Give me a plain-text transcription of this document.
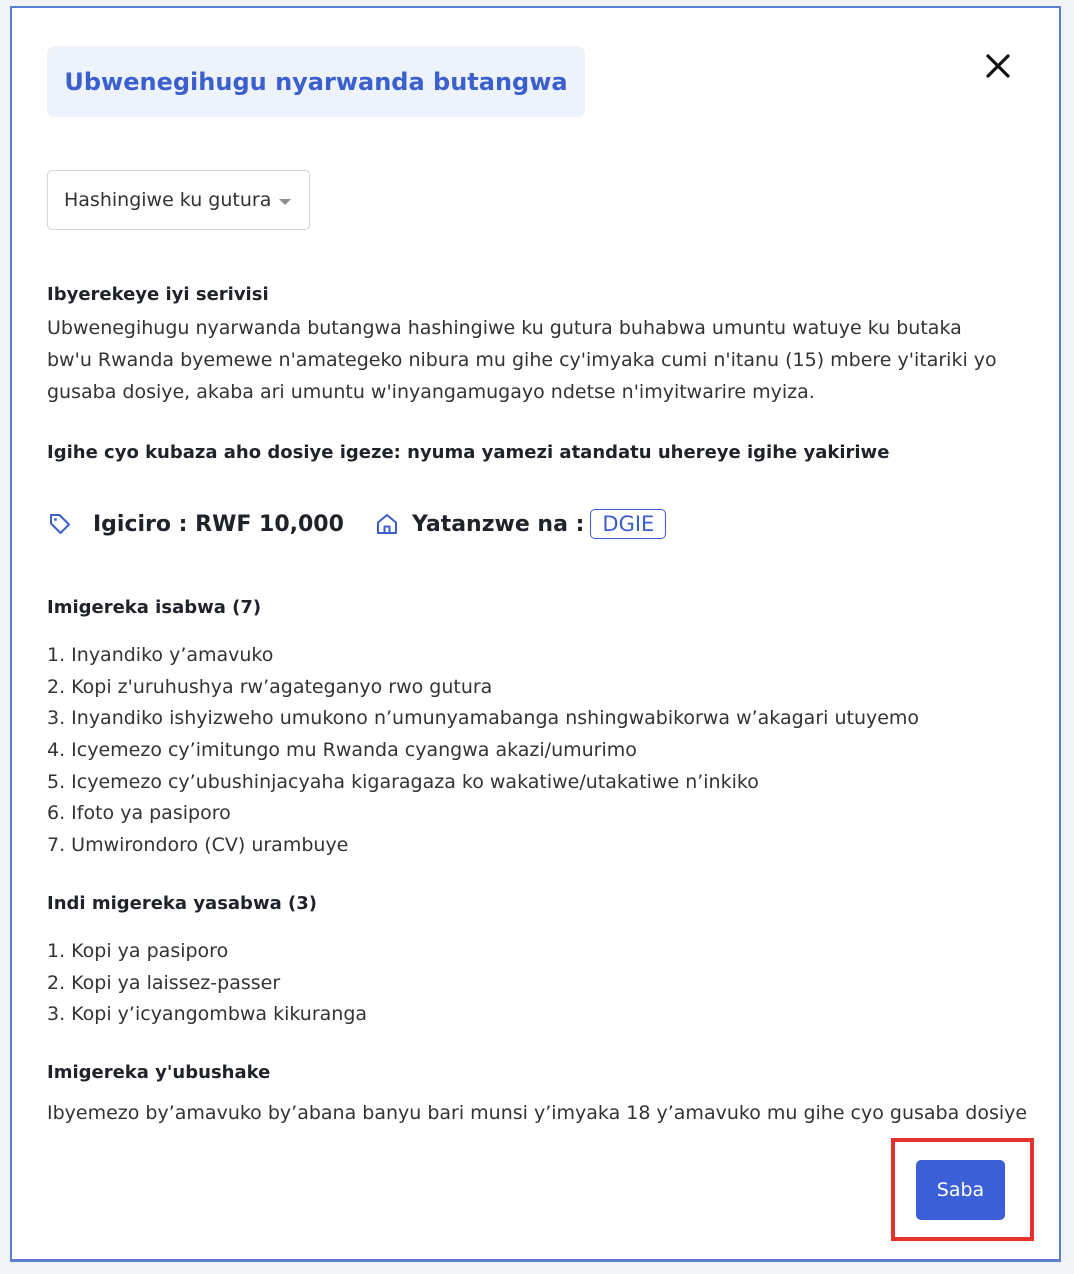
Ubwenegihugu nyarwanda butangwa
Hashingiwe ku gutura
Ibyerekeye iyi serivisi
Ubwenegihugu nyarwanda butangwa hashingiwe ku gutura buhabwa umuntu watuye ku butaka bw'u Rwanda byemewe n'amategeko nibura mu gihe cy'imyaka cumi n'itanu (15) mbere y'itariki yo gusaba dosiye, akaba ari umuntu w'inyangamugayo ndetse n'imyitwarire myiza.
Igihe cyo kubaza aho dosiye igeze: nyuma yamezi atandatu uhereye igihe yakiriwe
Igiciro : RWF 10,000	Yatanzwe na : DGIE
Imigereka isabwa (7)
1. Inyandiko y’amavuko
2. Kopi z'uruhushya rw’agateganyo rwo gutura
3. Inyandiko ishyizweho umukono n’umunyamabanga nshingwabikorwa w’akagari utuyemo
4. Icyemezo cy’imitungo mu Rwanda cyangwa akazi/umurimo
5. Icyemezo cy’ubushinjacyaha kigaragaza ko wakatiwe/utakatiwe n’inkiko
6. Ifoto ya pasiporo
7. Umwirondoro (CV) urambuye
Indi migereka yasabwa (3)
1. Kopi ya pasiporo
2. Kopi ya laissez-passer
3. Kopi y’icyangombwa kikuranga
Imigereka y'ubushake
Ibyemezo by’amavuko by’abana banyu bari munsi y’imyaka 18 y’amavuko mu gihe cyo gusaba dosiye
Saba
